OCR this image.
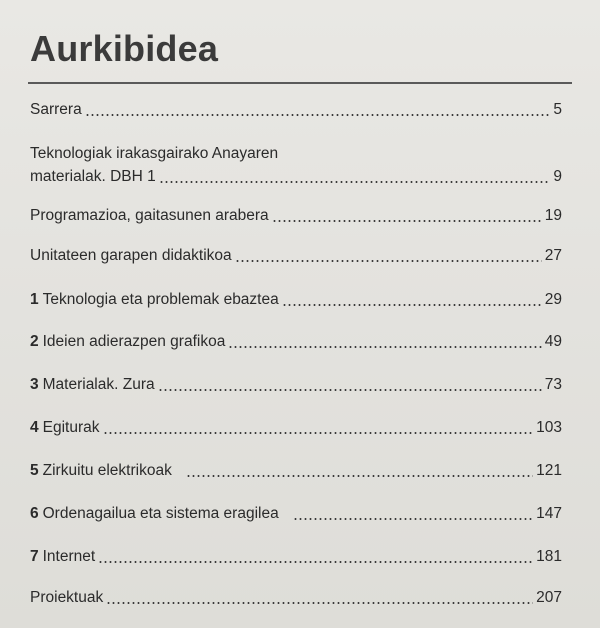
Aurkibidea
Sarrera	5
Teknologiak irakasgairako Anayaren
materialak. DBH 1	9
Programazioa, gaitasunen arabera	19
Unitateen garapen didaktikoa	27
1 Teknologia eta problemak ebaztea	29
2 Ideien adierazpen grafikoa	49
3 Materialak. Zura	73
4 Egiturak	103
5 Zirkuitu elektrikoak	121
6 Ordenagailua eta sistema eragilea	147
7 Internet	181
Proiektuak	207
